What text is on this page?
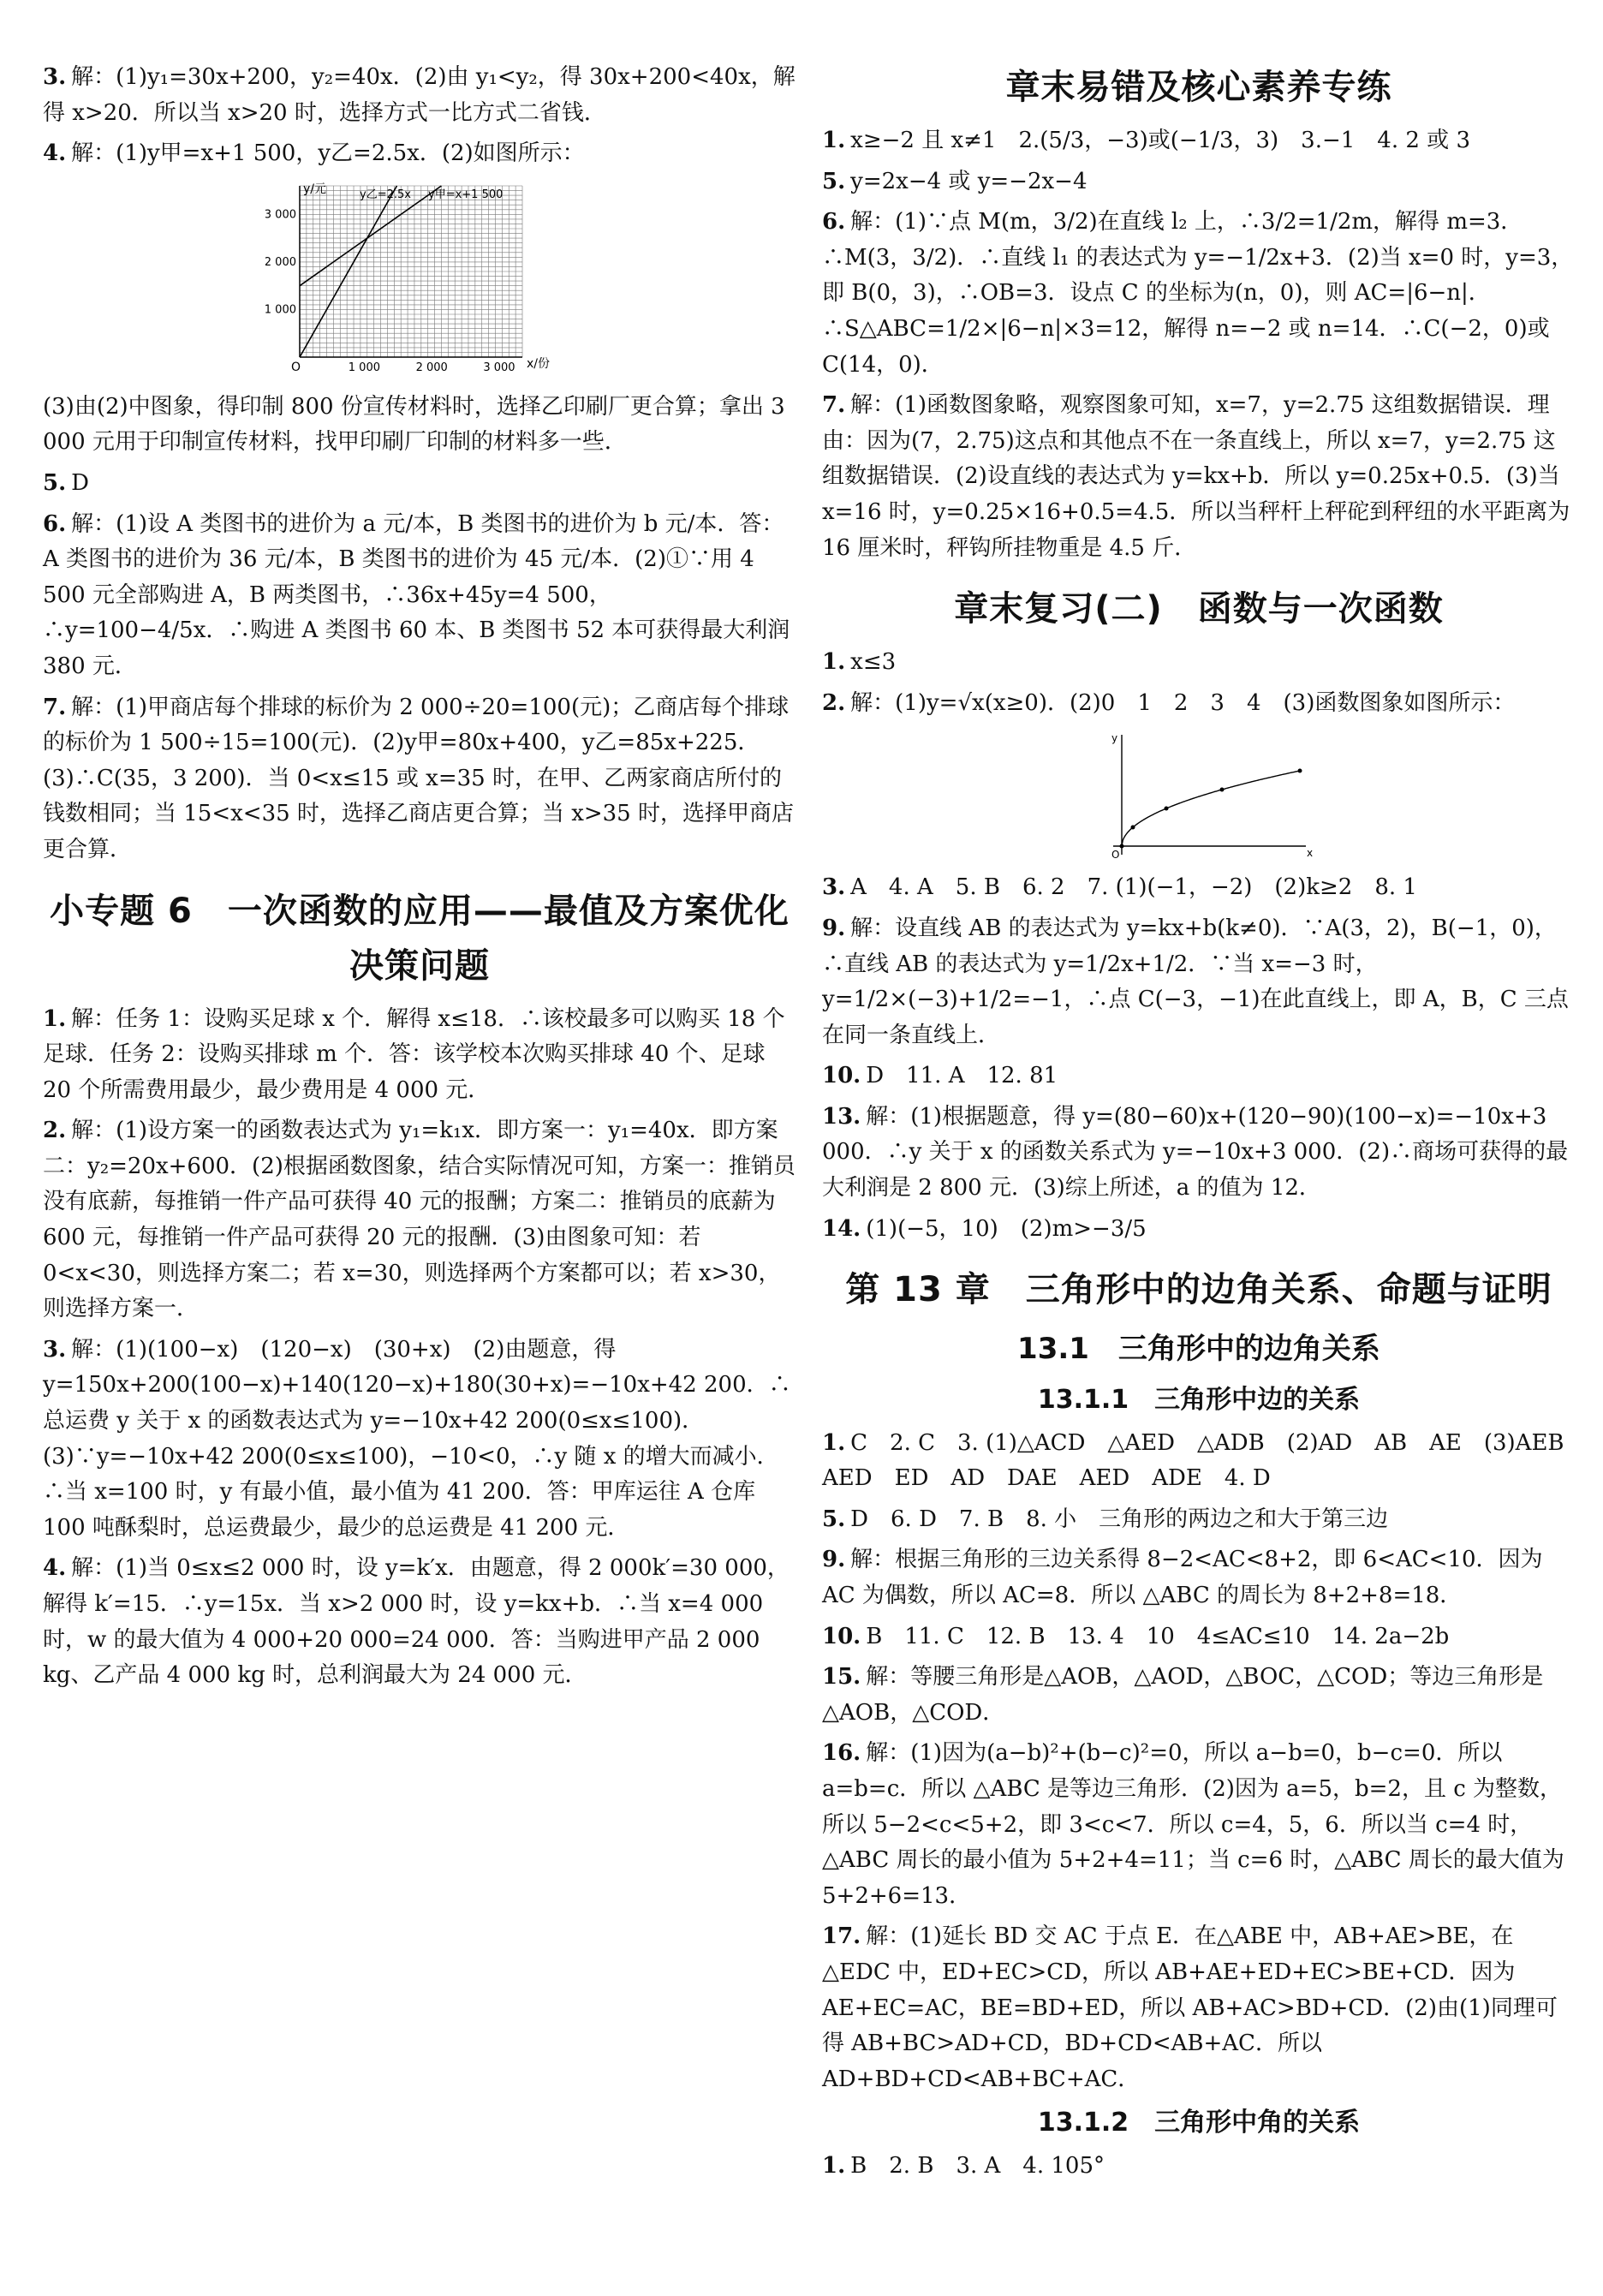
3. 解：(1)y₁=30x+200，y₂=40x．(2)由 y₁<y₂，得 30x+200<40x，解得 x>20．所以当 x>20 时，选择方式一比方式二省钱．

4. 解：(1)y甲=x+1 500，y乙=2.5x．(2)如图所示：

O	x/份
y/元
1 000	2 000	3 000
1 000
2 000
3 000
y乙=2.5x y甲=x+1 500

(3)由(2)中图象，得印制 800 份宣传材料时，选择乙印刷厂更合算；拿出 3 000 元用于印制宣传材料，找甲印刷厂印制的材料多一些．

5. D

6. 解：(1)设 A 类图书的进价为 a 元/本，B 类图书的进价为 b 元/本．答：A 类图书的进价为 36 元/本，B 类图书的进价为 45 元/本．(2)①∵用 4 500 元全部购进 A，B 两类图书，∴36x+45y=4 500，∴y=100−4/5x．∴购进 A 类图书 60 本、B 类图书 52 本可获得最大利润 380 元．

7. 解：(1)甲商店每个排球的标价为 2 000÷20=100(元)；乙商店每个排球的标价为 1 500÷15=100(元)．(2)y甲=80x+400，y乙=85x+225．(3)∴C(35，3 200)．当 0<x≤15 或 x=35 时，在甲、乙两家商店所付的钱数相同；当 15<x<35 时，选择乙商店更合算；当 x>35 时，选择甲商店更合算．

小专题 6　一次函数的应用——最值及方案优化决策问题

1. 解：任务 1：设购买足球 x 个．解得 x≤18．∴该校最多可以购买 18 个足球．任务 2：设购买排球 m 个．答：该学校本次购买排球 40 个、足球 20 个所需费用最少，最少费用是 4 000 元．

2. 解：(1)设方案一的函数表达式为 y₁=k₁x．即方案一：y₁=40x．即方案二：y₂=20x+600．(2)根据函数图象，结合实际情况可知，方案一：推销员没有底薪，每推销一件产品可获得 40 元的报酬；方案二：推销员的底薪为 600 元，每推销一件产品可获得 20 元的报酬．(3)由图象可知：若 0<x<30，则选择方案二；若 x=30，则选择两个方案都可以；若 x>30，则选择方案一．

3. 解：(1)(100−x)　(120−x)　(30+x)　(2)由题意，得 y=150x+200(100−x)+140(120−x)+180(30+x)=−10x+42 200．∴总运费 y 关于 x 的函数表达式为 y=−10x+42 200(0≤x≤100)．(3)∵y=−10x+42 200(0≤x≤100)，−10<0，∴y 随 x 的增大而减小．∴当 x=100 时，y 有最小值，最小值为 41 200．答：甲库运往 A 仓库 100 吨酥梨时，总运费最少，最少的总运费是 41 200 元．

4. 解：(1)当 0≤x≤2 000 时，设 y=k′x．由题意，得 2 000k′=30 000，解得 k′=15．∴y=15x．当 x>2 000 时，设 y=kx+b．∴当 x=4 000 时，w 的最大值为 4 000+20 000=24 000．答：当购进甲产品 2 000 kg、乙产品 4 000 kg 时，总利润最大为 24 000 元．

章末易错及核心素养专练

1. x≥−2 且 x≠1　2.(5/3，−3)或(−1/3，3)　3.−1　4. 2 或 3

5. y=2x−4 或 y=−2x−4

6. 解：(1)∵点 M(m，3/2)在直线 l₂ 上，∴3/2=1/2m，解得 m=3．∴M(3，3/2)．∴直线 l₁ 的表达式为 y=−1/2x+3．(2)当 x=0 时，y=3，即 B(0，3)，∴OB=3．设点 C 的坐标为(n，0)，则 AC=|6−n|．∴S△ABC=1/2×|6−n|×3=12，解得 n=−2 或 n=14．∴C(−2，0)或 C(14，0)．

7. 解：(1)函数图象略，观察图象可知，x=7，y=2.75 这组数据错误．理由：因为(7，2.75)这点和其他点不在一条直线上，所以 x=7，y=2.75 这组数据错误．(2)设直线的表达式为 y=kx+b．所以 y=0.25x+0.5．(3)当 x=16 时，y=0.25×16+0.5=4.5．所以当秤杆上秤砣到秤纽的水平距离为 16 厘米时，秤钩所挂物重是 4.5 斤．

章末复习(二)　函数与一次函数

1. x≤3

2. 解：(1)y=√x(x≥0)．(2)0　1　2　3　4　(3)函数图象如图所示：

O	x
y

3. A　4. A　5. B　6. 2　7. (1)(−1，−2)　(2)k≥2　8. 1

9. 解：设直线 AB 的表达式为 y=kx+b(k≠0)．∵A(3，2)，B(−1，0)，∴直线 AB 的表达式为 y=1/2x+1/2．∵当 x=−3 时，y=1/2×(−3)+1/2=−1，∴点 C(−3，−1)在此直线上，即 A，B，C 三点在同一条直线上．

10. D　11. A　12. 81

13. 解：(1)根据题意，得 y=(80−60)x+(120−90)(100−x)=−10x+3 000．∴y 关于 x 的函数关系式为 y=−10x+3 000．(2)∴商场可获得的最大利润是 2 800 元．(3)综上所述，a 的值为 12．

14. (1)(−5，10)　(2)m>−3/5

第 13 章　三角形中的边角关系、命题与证明
13.1　三角形中的边角关系
13.1.1　三角形中边的关系

1. C　2. C　3. (1)△ACD　△AED　△ADB　(2)AD　AB　AE　(3)AEB　AED　ED　AD　DAE　AED　ADE　4. D

5. D　6. D　7. B　8. 小　三角形的两边之和大于第三边

9. 解：根据三角形的三边关系得 8−2<AC<8+2，即 6<AC<10．因为 AC 为偶数，所以 AC=8．所以 △ABC 的周长为 8+2+8=18．

10. B　11. C　12. B　13. 4　10　4≤AC≤10　14. 2a−2b

15. 解：等腰三角形是△AOB，△AOD，△BOC，△COD；等边三角形是△AOB，△COD．

16. 解：(1)因为(a−b)²+(b−c)²=0，所以 a−b=0，b−c=0．所以 a=b=c．所以 △ABC 是等边三角形．(2)因为 a=5，b=2，且 c 为整数，所以 5−2<c<5+2，即 3<c<7．所以 c=4，5，6．所以当 c=4 时，△ABC 周长的最小值为 5+2+4=11；当 c=6 时，△ABC 周长的最大值为 5+2+6=13．

17. 解：(1)延长 BD 交 AC 于点 E．在△ABE 中，AB+AE>BE，在△EDC 中，ED+EC>CD，所以 AB+AE+ED+EC>BE+CD．因为 AE+EC=AC，BE=BD+ED，所以 AB+AC>BD+CD．(2)由(1)同理可得 AB+BC>AD+CD，BD+CD<AB+AC．所以 AD+BD+CD<AB+BC+AC．

13.1.2　三角形中角的关系

1. B　2. B　3. A　4. 105°
